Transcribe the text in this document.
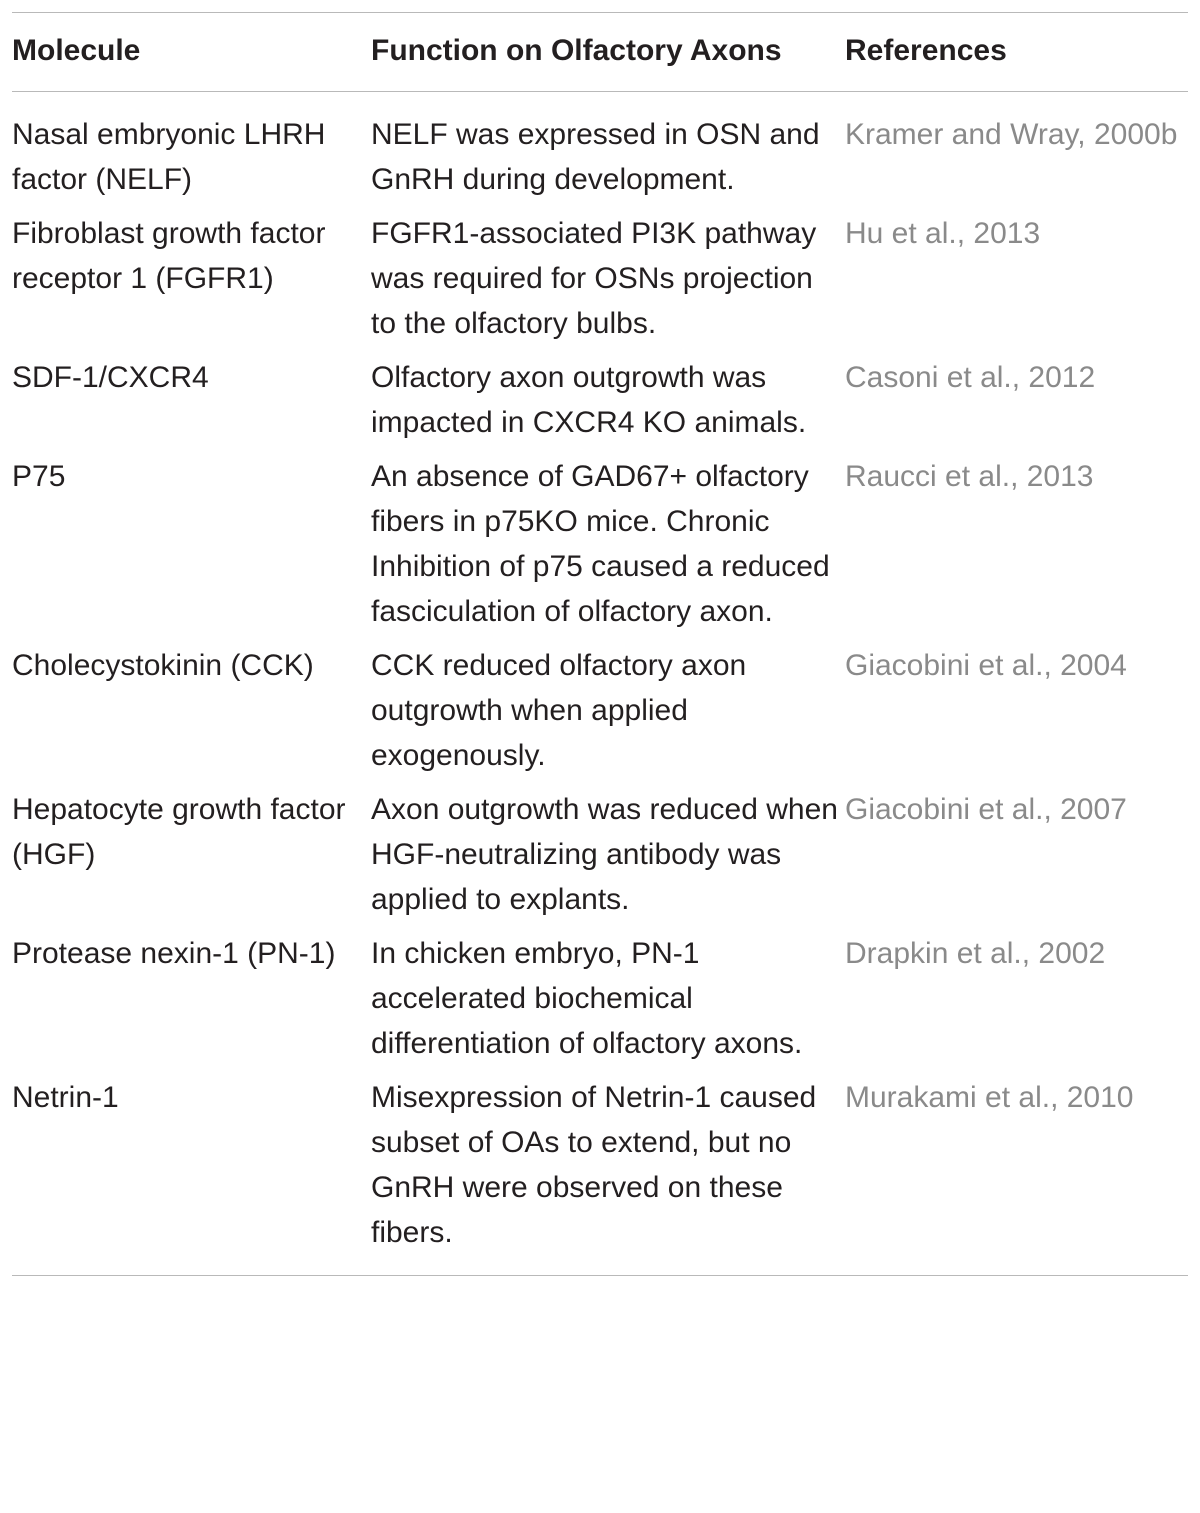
Molecule	Function on Olfactory Axons	References
Nasal embryonic LHRH factor (NELF)	NELF was expressed in OSN and GnRH during development.	Kramer and Wray, 2000b
Fibroblast growth factor receptor 1 (FGFR1)	FGFR1-associated PI3K pathway was required for OSNs projection to the olfactory bulbs.	Hu et al., 2013
SDF-1/CXCR4	Olfactory axon outgrowth was impacted in CXCR4 KO animals.	Casoni et al., 2012
P75	An absence of GAD67+ olfactory fibers in p75KO mice. Chronic Inhibition of p75 caused a reduced fasciculation of olfactory axon.	Raucci et al., 2013
Cholecystokinin (CCK)	CCK reduced olfactory axon outgrowth when applied exogenously.	Giacobini et al., 2004
Hepatocyte growth factor (HGF)	Axon outgrowth was reduced when HGF-neutralizing antibody was applied to explants.	Giacobini et al., 2007
Protease nexin-1 (PN-1)	In chicken embryo, PN-1 accelerated biochemical differentiation of olfactory axons.	Drapkin et al., 2002
Netrin-1	Misexpression of Netrin-1 caused subset of OAs to extend, but no GnRH were observed on these fibers.	Murakami et al., 2010
